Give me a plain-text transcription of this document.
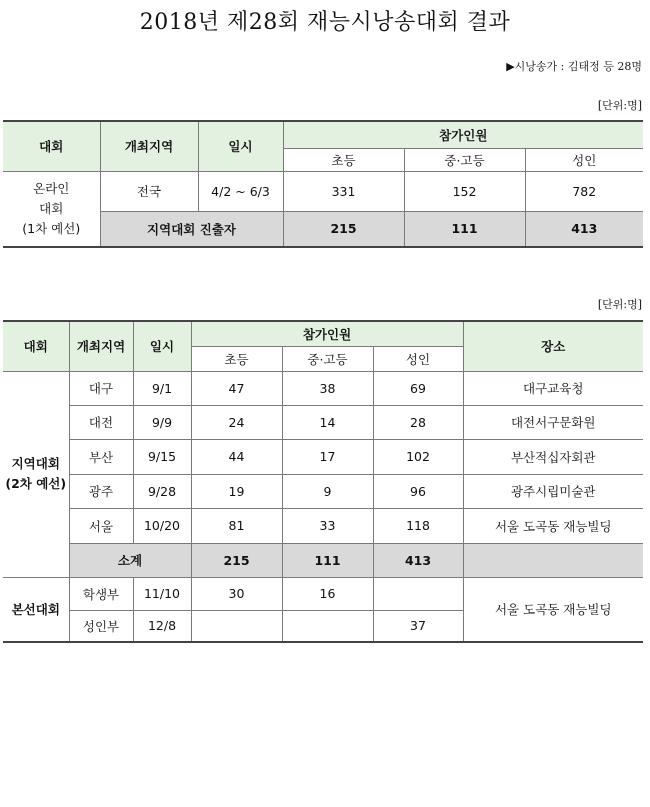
2018년 제28회 재능시낭송대회 결과
▶시낭송가 : 김태정 등 28명
[단위:명]
대회	개최지역	일시	참가인원		
			초등	중·고등	성인

온라인
대회
(1차 예선)	전국	4/2 ~ 6/3	331	152	782
	지역대회 진출자		215	111	413
[단위:명]
대회	개최지역	일시	참가인원			장소
			초등	중·고등	성인	

지역대회
(2차 예선)	대구	9/1	47	38	69	대구교육청
	대전	9/9	24	14	28	대전서구문화원
	부산	9/15	44	17	102	부산적십자회관
	광주	9/28	19	9	96	광주시립미술관
	서울	10/20	81	33	118	서울 도곡동 재능빌딩
	소계		215	111	413	
본선대회	학생부	11/10	30	16		서울 도곡동 재능빌딩
	성인부	12/8			37	
